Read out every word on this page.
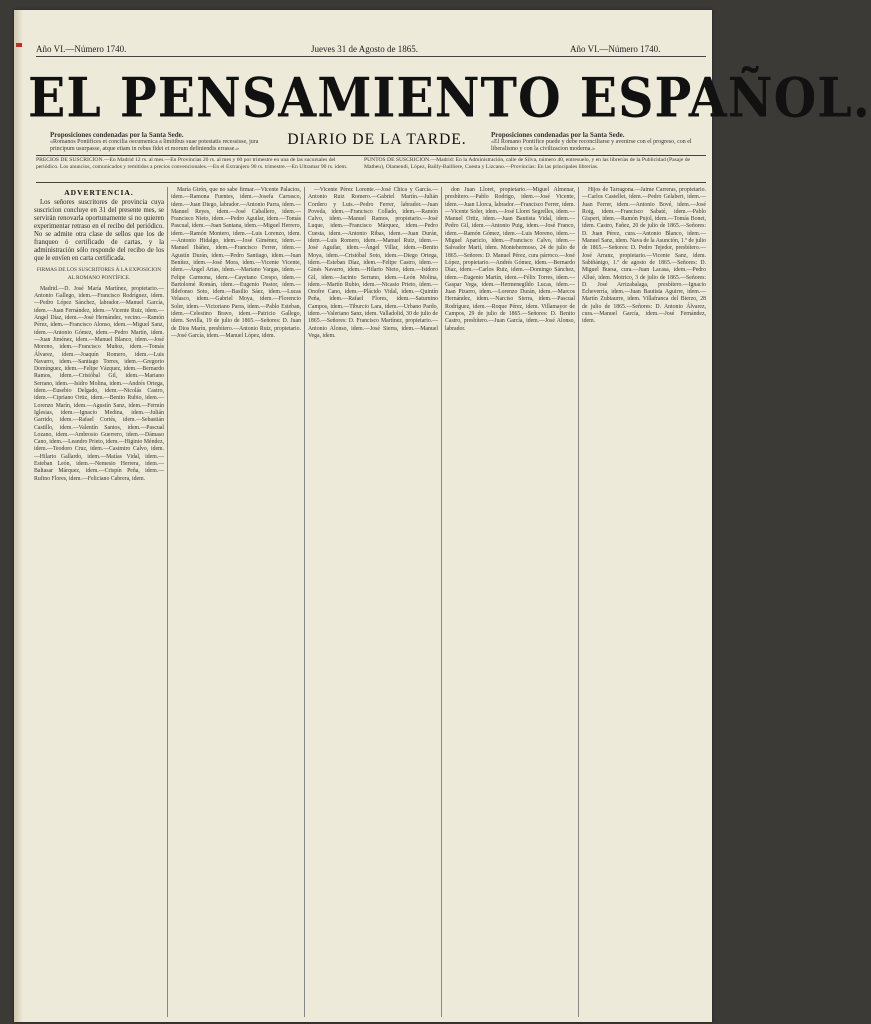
Año VI.—Número 1740.	Jueves 31 de Agosto de 1865.	Año VI.—Número 1740.
EL PENSAMIENTO ESPAÑOL.
Proposiciones condenadas por la Santa Sede.
«Romanos Pontifices et concilia oecumenica a limitibus suae potestatis recessisse, jura principum usurpasse, atque etiam in rebus fidei et morum definiendis errasse.»
DIARIO DE LA TARDE.	Proposiciones condenadas por la Santa Sede.
«El Romano Pontifice puede y debe reconciliarse y avenirse con el progreso, con el liberalismo y con la civilizacion moderna.»
PRECIOS DE SUSCRICION.—En Madrid 12 rs. al mes.—En Provincias 20 rs. al mes y 60 por trimestre en una de las sucursales del periódico. Los anuncios, comunicados y remitidos a precios convencionales.—En el Extranjero 90 rs. trimestre.—En Ultramar 90 rs. idem.
PUNTOS DE SUSCRICION.—Madrid: En la Administración, calle de Silva, número 40, entresuelo, y en las librerías de la Publicidad (Pasaje de Matheu), Olamendi, López, Bailly-Bailliere, Cuesta y Lizcano.—Provincias: En las principales librerías.
ADVERTENCIA.

Los señores suscritores de provincia cuya suscricion concluye en 31 del presente mes, se servirán renovarla oportunamente si no quieren experimentar retraso en el recibo del periódico. No se admite otra clase de sellos que los de franqueo ó certificado de cartas, y la administración sólo responde del recibo de los que le envíen en carta certificada.

FIRMAS DE LOS SUSCRITORES Á LA EXPOSICION AL ROMANO PONTÍFICE.

Madrid.—D. José María Martínez, propietario.—Antonio Gallego, idem.—Francisco Rodríguez, idem.—Pedro López Sánchez, labrador.—Manuel García, idem.—Juan Fernández, idem.—Vicente Ruiz, idem.—Angel Díaz, idem.—José Hernández, vecino.—Ramón Pérez, idem.—Francisco Alonso, idem.—Miguel Sanz, idem.—Antonio Gómez, idem.—Pedro Martín, idem.—Juan Jiménez, idem.—Manuel Blanco, idem.—José Moreno, idem.—Francisco Muñoz, idem.—Tomás Álvarez, idem.—Joaquín Romero, idem.—Luis Navarro, idem.—Santiago Torres, idem.—Gregorio Domínguez, idem.—Felipe Vázquez, idem.—Bernardo Ramos, idem.—Cristóbal Gil, idem.—Mariano Serrano, idem.—Isidro Molina, idem.—Andrés Ortega, idem.—Eusebio Delgado, idem.—Nicolás Castro, idem.—Cipriano Ortiz, idem.—Benito Rubio, idem.—Lorenzo Marín, idem.—Agustín Sanz, idem.—Fermín Iglesias, idem.—Ignacio Medina, idem.—Julián Garrido, idem.—Rafael Cortés, idem.—Sebastián Castillo, idem.—Valentín Santos, idem.—Pascual Lozano, idem.—Ambrosio Guerrero, idem.—Dámaso Cano, idem.—Leandro Prieto, idem.—Higinio Méndez, idem.—Teodoro Cruz, idem.—Casimiro Calvo, idem.—Hilario Gallardo, idem.—Matías Vidal, idem.—Esteban León, idem.—Nemesio Herrera, idem.—Baltasar Márquez, idem.—Crispín Peña, idem.—Rufino Flores, idem.—Feliciano Cabrera, idem.

María Girón, que no sabe firmar.—Vicente Palacios, idem.—Ramona Fuentes, idem.—Josefa Carrasco, idem.—Juan Diego, labrador.—Antonio Parra, idem.—Manuel Reyes, idem.—José Caballero, idem.—Francisco Nieto, idem.—Pedro Aguilar, idem.—Tomás Pascual, idem.—Juan Santana, idem.—Miguel Herrero, idem.—Ramón Montero, idem.—Luis Lorenzo, idem.—Antonio Hidalgo, idem.—José Giménez, idem.—Manuel Ibáñez, idem.—Francisco Ferrer, idem.—Agustín Durán, idem.—Pedro Santiago, idem.—Juan Benítez, idem.—José Mora, idem.—Vicente Vicente, idem.—Ángel Arias, idem.—Mariano Vargas, idem.—Felipe Carmona, idem.—Cayetano Crespo, idem.—Bartolomé Román, idem.—Eugenio Pastor, idem.—Ildefonso Soto, idem.—Basilio Sáez, idem.—Lucas Velasco, idem.—Gabriel Moya, idem.—Florencio Soler, idem.—Victoriano Parra, idem.—Pablo Esteban, idem.—Celestino Bravo, idem.—Patricio Gallego, idem. Sevilla, 19 de julio de 1865.—Señores: D. Juan de Dios Marín, presbítero.—Antonio Ruiz, propietario.—José García, idem.—Manuel López, idem.

—Vicente Pérez Lorente.—José Chica y García.—Antonio Ruiz Romero.—Gabriel Martín.—Julián Cordero y Luis.—Pedro Ferrer, labrador.—Juan Poveda, idem.—Francisco Collado, idem.—Ramón Calvo, idem.—Manuel Ramos, propietario.—José Luque, idem.—Francisco Márquez, idem.—Pedro Cuesta, idem.—Antonio Ribas, idem.—Juan Durán, idem.—Luis Romero, idem.—Manuel Ruiz, idem.—José Aguilar, idem.—Ángel Villar, idem.—Benito Moya, idem.—Cristóbal Soto, idem.—Diego Ortega, idem.—Esteban Díaz, idem.—Felipe Castro, idem.—Ginés Navarro, idem.—Hilario Nieto, idem.—Isidoro Gil, idem.—Jacinto Serrano, idem.—León Molina, idem.—Martín Rubio, idem.—Nicasio Prieto, idem.—Onofre Cano, idem.—Plácido Vidal, idem.—Quintín Peña, idem.—Rafael Flores, idem.—Saturnino Campos, idem.—Tiburcio Lara, idem.—Urbano Pardo, idem.—Valeriano Sanz, idem. Valladolid, 30 de julio de 1865.—Señores: D. Francisco Martínez, propietario.—Antonio Alonso, idem.—José Sierra, idem.—Manuel Vega, idem.

don Juan Lloret, propietario.—Miguel Almenar, presbítero.—Pablo Rodrigo, idem.—José Vicente, idem.—Juan Llorca, labrador.—Francisco Ferrer, idem.—Vicente Soler, idem.—José Lloret Segrelles, idem.—Manuel Ortiz, idem.—Juan Bautista Vidal, idem.—Pedro Gil, idem.—Antonio Puig, idem.—José Franco, idem.—Ramón Gómez, idem.—Luis Moreno, idem.—Miguel Aparicio, idem.—Francisco Calvo, idem.—Salvador Martí, idem. Montehermoso, 24 de julio de 1865.—Señores: D. Manuel Pérez, cura párroco.—José López, propietario.—Andrés Gómez, idem.—Bernardo Díaz, idem.—Carlos Ruiz, idem.—Domingo Sánchez, idem.—Eugenio Martín, idem.—Félix Torres, idem.—Gaspar Vega, idem.—Hermenegildo Lucas, idem.—Juan Pizarro, idem.—Lorenzo Durán, idem.—Marcos Hernández, idem.—Narciso Sierra, idem.—Pascual Rodríguez, idem.—Roque Pérez, idem. Villamayor de Campos, 29 de julio de 1865.—Señores: D. Benito Castro, presbítero.—Juan García, idem.—José Alonso, labrador.

Hijos de Tarragona.—Jaime Carreras, propietario.—Carlos Castellet, idem.—Pedro Gelabert, idem.—Juan Ferrer, idem.—Antonio Bové, idem.—José Roig, idem.—Francisco Sabaté, idem.—Pablo Gispert, idem.—Ramón Pujol, idem.—Tomás Bonet, idem. Castro, Fañez, 20 de julio de 1865.—Señores: D. Juan Pérez, cura.—Antonio Blanco, idem.—Manuel Sanz, idem. Nava de la Asunción, 1.º de julio de 1865.—Señores: D. Pedro Tejedor, presbítero.—José Arranz, propietario.—Vicente Sanz, idem. Sabiñánigo, 1.º de agosto de 1865.—Señores: D. Miguel Buesa, cura.—Juan Lacasa, idem.—Pedro Allué, idem. Motrico, 3 de julio de 1865.—Señores: D. José Arrizabalaga, presbítero.—Ignacio Echeverría, idem.—Juan Bautista Aguirre, idem.—Martín Zubiaurre, idem. Villafranca del Bierzo, 28 de julio de 1865.—Señores: D. Antonio Álvarez, cura.—Manuel García, idem.—José Fernández, idem.
